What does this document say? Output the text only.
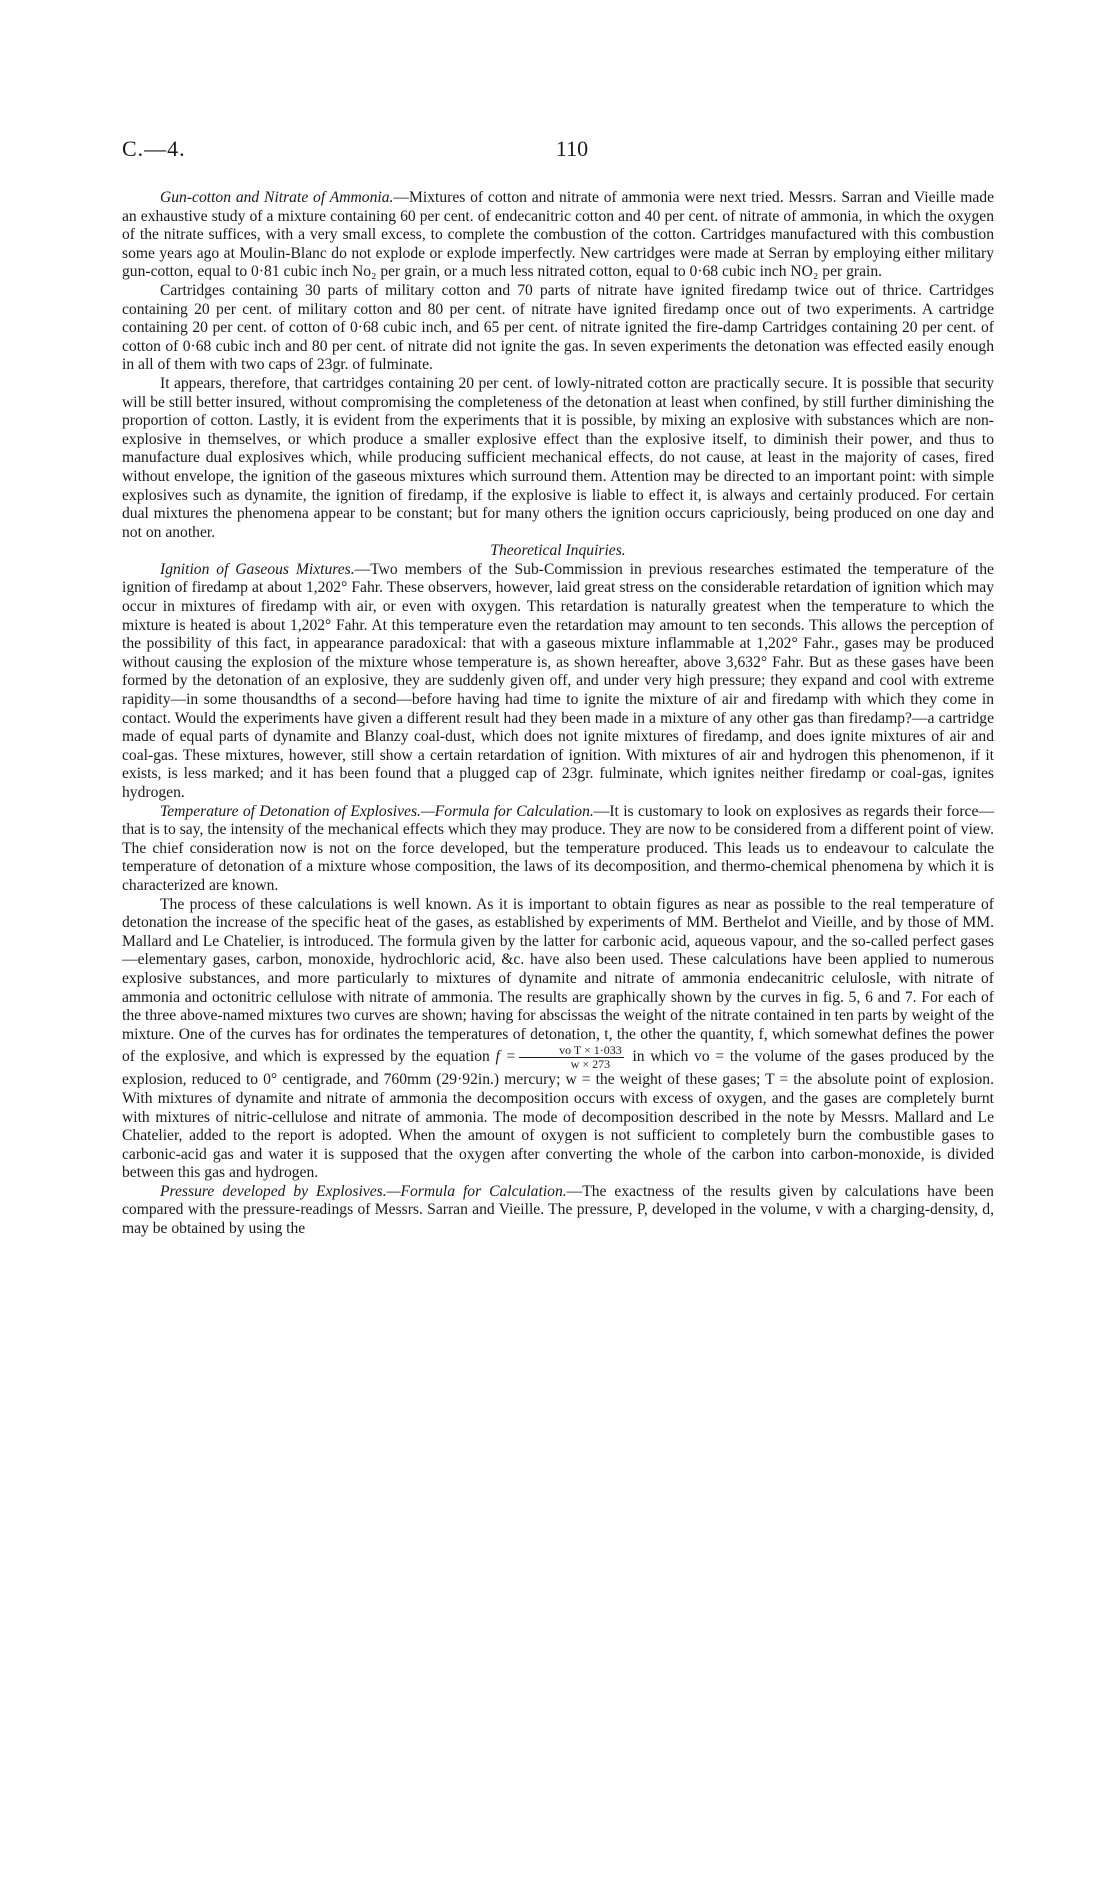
C.—4.	110

Gun-cotton and Nitrate of Ammonia.—Mixtures of cotton and nitrate of ammonia were next tried. Messrs. Sarran and Vieille made an exhaustive study of a mixture containing 60 per cent. of endecanitric cotton and 40 per cent. of nitrate of ammonia, in which the oxygen of the nitrate suffices, with a very small excess, to complete the combustion of the cotton. Cartridges manufactured with this combustion some years ago at Moulin-Blanc do not explode or explode imperfectly. New cartridges were made at Serran by employing either military gun-cotton, equal to 0·81 cubic inch No₂ per grain, or a much less nitrated cotton, equal to 0·68 cubic inch NO₂ per grain.

Cartridges containing 30 parts of military cotton and 70 parts of nitrate have ignited firedamp twice out of thrice. Cartridges containing 20 per cent. of military cotton and 80 per cent. of nitrate have ignited firedamp once out of two experiments. A cartridge containing 20 per cent. of cotton of 0·68 cubic inch, and 65 per cent. of nitrate ignited the fire-damp Cartridges containing 20 per cent. of cotton of 0·68 cubic inch and 80 per cent. of nitrate did not ignite the gas. In seven experiments the detonation was effected easily enough in all of them with two caps of 23gr. of fulminate.

It appears, therefore, that cartridges containing 20 per cent. of lowly-nitrated cotton are practically secure. It is possible that security will be still better insured, without compromising the completeness of the detonation at least when confined, by still further diminishing the proportion of cotton. Lastly, it is evident from the experiments that it is possible, by mixing an explosive with substances which are non-explosive in themselves, or which produce a smaller explosive effect than the explosive itself, to diminish their power, and thus to manufacture dual explosives which, while producing sufficient mechanical effects, do not cause, at least in the majority of cases, fired without envelope, the ignition of the gaseous mixtures which surround them. Attention may be directed to an important point: with simple explosives such as dynamite, the ignition of firedamp, if the explosive is liable to effect it, is always and certainly produced. For certain dual mixtures the phenomena appear to be constant; but for many others the ignition occurs capriciously, being produced on one day and not on another.

Theoretical Inquiries.

Ignition of Gaseous Mixtures.—Two members of the Sub-Commission in previous researches estimated the temperature of the ignition of firedamp at about 1,202° Fahr. These observers, however, laid great stress on the considerable retardation of ignition which may occur in mixtures of firedamp with air, or even with oxygen. This retardation is naturally greatest when the temperature to which the mixture is heated is about 1,202° Fahr. At this temperature even the retardation may amount to ten seconds. This allows the perception of the possibility of this fact, in appearance paradoxical: that with a gaseous mixture inflammable at 1,202° Fahr., gases may be produced without causing the explosion of the mixture whose temperature is, as shown hereafter, above 3,632° Fahr. But as these gases have been formed by the detonation of an explosive, they are suddenly given off, and under very high pressure; they expand and cool with extreme rapidity—in some thousandths of a second—before having had time to ignite the mixture of air and firedamp with which they come in contact. Would the experiments have given a different result had they been made in a mixture of any other gas than firedamp?—a cartridge made of equal parts of dynamite and Blanzy coal-dust, which does not ignite mixtures of firedamp, and does ignite mixtures of air and coal-gas. These mixtures, however, still show a certain retardation of ignition. With mixtures of air and hydrogen this phenomenon, if it exists, is less marked; and it has been found that a plugged cap of 23gr. fulminate, which ignites neither firedamp or coal-gas, ignites hydrogen.

Temperature of Detonation of Explosives.—Formula for Calculation.—It is customary to look on explosives as regards their force—that is to say, the intensity of the mechanical effects which they may produce. They are now to be considered from a different point of view. The chief consideration now is not on the force developed, but the temperature produced. This leads us to endeavour to calculate the temperature of detonation of a mixture whose composition, the laws of its decomposition, and thermo-chemical phenomena by which it is characterized are known.

The process of these calculations is well known. As it is important to obtain figures as near as possible to the real temperature of detonation the increase of the specific heat of the gases, as established by experiments of MM. Berthelot and Vieille, and by those of MM. Mallard and Le Chatelier, is introduced. The formula given by the latter for carbonic acid, aqueous vapour, and the so-called perfect gases—elementary gases, carbon, monoxide, hydrochloric acid, &c. have also been used. These calculations have been applied to numerous explosive substances, and more particularly to mixtures of dynamite and nitrate of ammonia endecanitric celulosle, with nitrate of ammonia and octonitric cellulose with nitrate of ammonia. The results are graphically shown by the curves in fig. 5, 6 and 7. For each of the three above-named mixtures two curves are shown; having for abscissas the weight of the nitrate contained in ten parts by weight of the mixture. One of the curves has for ordinates the temperatures of detonation, t, the other the quantity, f, which somewhat defines the power of the explosive, and which is expressed by the equation $f = \frac{\text{vo T × 1·033}}{w \times 273}$ in which vo = the volume of the gases produced by the explosion, reduced to 0° centigrade, and 760mm (29·92in.) mercury; w = the weight of these gases; T = the absolute point of explosion. With mixtures of dynamite and nitrate of ammonia the decomposition occurs with excess of oxygen, and the gases are completely burnt with mixtures of nitric-cellulose and nitrate of ammonia. The mode of decomposition described in the note by Messrs. Mallard and Le Chatelier, added to the report is adopted. When the amount of oxygen is not sufficient to completely burn the combustible gases to carbonic-acid gas and water it is supposed that the oxygen after converting the whole of the carbon into carbon-monoxide, is divided between this gas and hydrogen.

Pressure developed by Explosives.—Formula for Calculation.—The exactness of the results given by calculations have been compared with the pressure-readings of Messrs. Sarran and Vieille. The pressure, P, developed in the volume, v with a charging-density, d, may be obtained by using the
